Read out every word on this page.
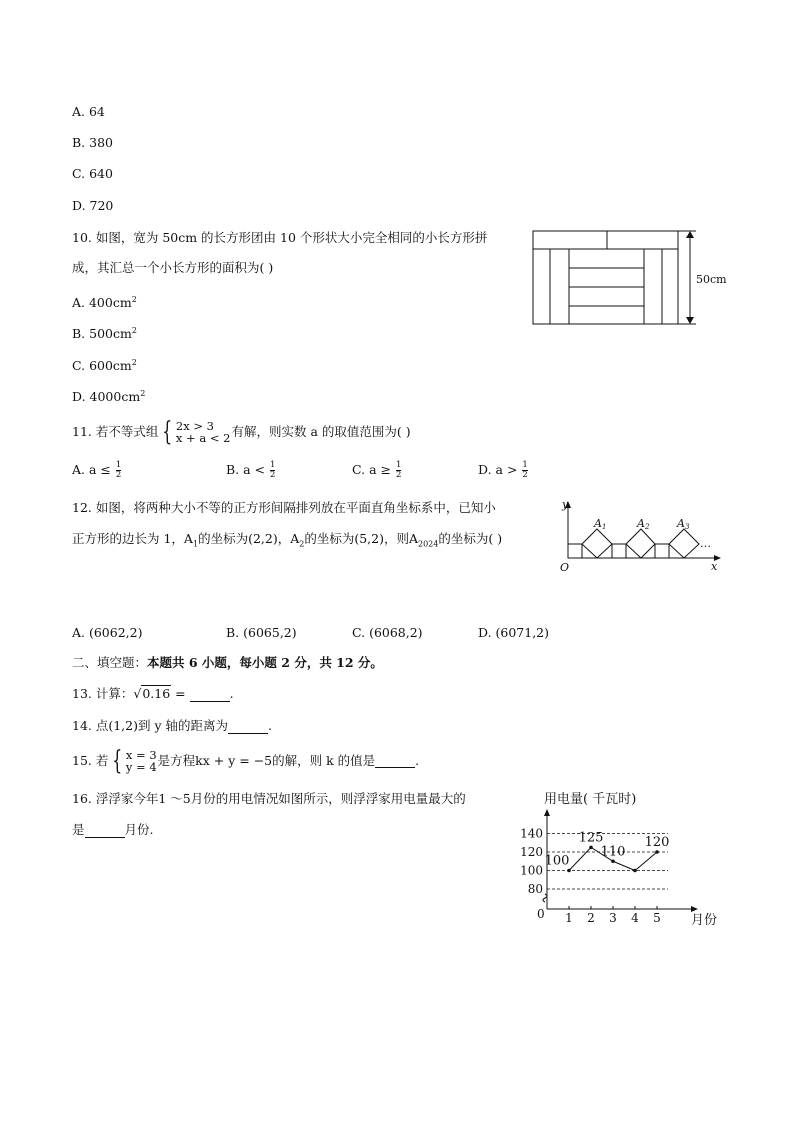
A. 64
B. 380
C. 640
D. 720
10. 如图，宽为 50cm 的长方形团由 10 个形状大小完全相同的小长方形拼
成，其汇总一个小长方形的面积为( )
A. $400cm^2$
B. $500cm^2$
C. $600cm^2$
D. $4000cm^2$
50cm
11. 若不等式组 { 2x > 3
x + a < 2 有解，则实数 a 的取值范围为( )
A. $a \le \frac{1}{2}$	B. $a < \frac{1}{2}$	C. $a \ge \frac{1}{2}$	D. $a > \frac{1}{2}$
12. 如图，将两种大小不等的正方形间隔排列放在平面直角坐标系中，已知小
正方形的边长为 1，$A_1$的坐标为(2,2)，$A_2$的坐标为(5,2)，则$A_{2024}$的坐标为( )
y
x
O
A1	A2	A3
…
A. (6062,2)	B. (6065,2)	C. (6068,2)	D. (6071,2)
二、填空题：本题共 6 小题，每小题 2 分，共 12 分。
13. 计算：√0.16 =	.
14. 点(1,2)到 y 轴的距离为	.
15. 若 { x = 3
y = 4 是方程kx + y = −5的解，则 k 的值是	.
16. 浮浮家今年1 ～5月份的用电情况如图所示，则浮浮家用电量最大的
是	月份.
用电量( 千瓦时)
月份
0
80
100
120
140
1 2 3 4 5
100
125
110
120
